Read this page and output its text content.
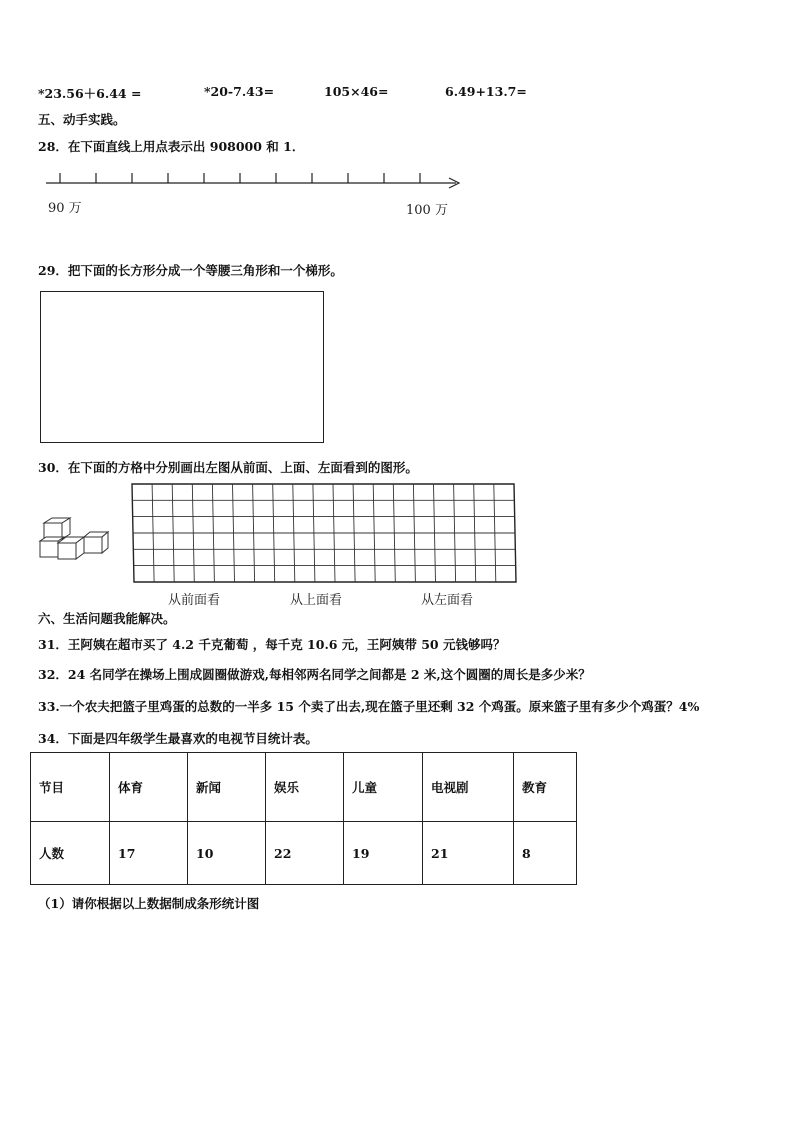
*23.56＋6.44 =	*20-7.43=	105×46=	6.49+13.7=
五、动手实践。
28．在下面直线上用点表示出 908000 和 1．
90 万	100 万
29．把下面的长方形分成一个等腰三角形和一个梯形。
30．在下面的方格中分别画出左图从前面、上面、左面看到的图形。
从前面看	从上面看	从左面看
六、生活问题我能解决。
31．王阿姨在超市买了 4.2 千克葡萄 ，每千克 10.6 元，王阿姨带 50 元钱够吗？
32．24 名同学在操场上围成圆圈做游戏,每相邻两名同学之间都是 2 米,这个圆圈的周长是多少米？
33.一个农夫把篮子里鸡蛋的总数的一半多 15 个卖了出去,现在篮子里还剩 32 个鸡蛋。原来篮子里有多少个鸡蛋？4%
34．下面是四年级学生最喜欢的电视节目统计表。
节目	体育	新闻	娱乐	儿童	电视剧	教育
人数	17	10	22	19	21	8
（1）请你根据以上数据制成条形统计图
